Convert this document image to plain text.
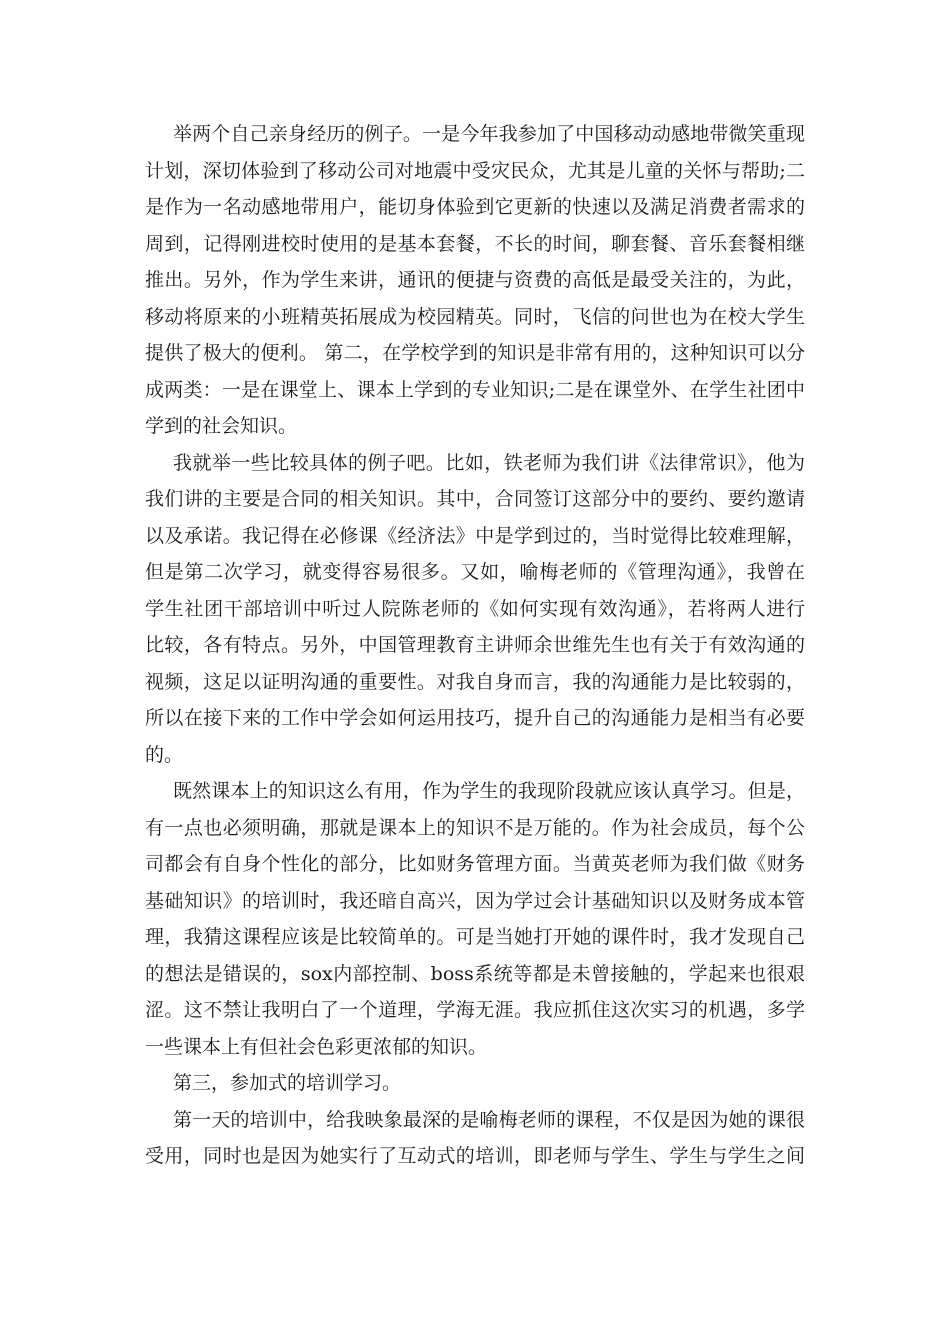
举两个自己亲身经历的例子。一是今年我参加了中国移动动感地带微笑重现
计划，深切体验到了移动公司对地震中受灾民众，尤其是儿童的关怀与帮助;二
是作为一名动感地带用户，能切身体验到它更新的快速以及满足消费者需求的
周到，记得刚进校时使用的是基本套餐，不长的时间，聊套餐、音乐套餐相继
推出。另外，作为学生来讲，通讯的便捷与资费的高低是最受关注的，为此，
移动将原来的小班精英拓展成为校园精英。同时，飞信的问世也为在校大学生
提供了极大的便利。 第二，在学校学到的知识是非常有用的，这种知识可以分
成两类：一是在课堂上、课本上学到的专业知识;二是在课堂外、在学生社团中
学到的社会知识。
我就举一些比较具体的例子吧。比如，铁老师为我们讲《法律常识》，他为
我们讲的主要是合同的相关知识。其中，合同签订这部分中的要约、要约邀请
以及承诺。我记得在必修课《经济法》中是学到过的，当时觉得比较难理解，
但是第二次学习，就变得容易很多。又如，喻梅老师的《管理沟通》，我曾在
学生社团干部培训中听过人院陈老师的《如何实现有效沟通》，若将两人进行
比较，各有特点。另外，中国管理教育主讲师余世维先生也有关于有效沟通的
视频，这足以证明沟通的重要性。对我自身而言，我的沟通能力是比较弱的，
所以在接下来的工作中学会如何运用技巧，提升自己的沟通能力是相当有必要
的。
既然课本上的知识这么有用，作为学生的我现阶段就应该认真学习。但是，
有一点也必须明确，那就是课本上的知识不是万能的。作为社会成员，每个公
司都会有自身个性化的部分，比如财务管理方面。当黄英老师为我们做《财务
基础知识》的培训时，我还暗自高兴，因为学过会计基础知识以及财务成本管
理，我猜这课程应该是比较简单的。可是当她打开她的课件时，我才发现自己
的想法是错误的，sox内部控制、boss系统等都是未曾接触的，学起来也很艰
涩。这不禁让我明白了一个道理，学海无涯。我应抓住这次实习的机遇，多学
一些课本上有但社会色彩更浓郁的知识。
第三，参加式的培训学习。
第一天的培训中，给我映象最深的是喻梅老师的课程，不仅是因为她的课很
受用，同时也是因为她实行了互动式的培训，即老师与学生、学生与学生之间
